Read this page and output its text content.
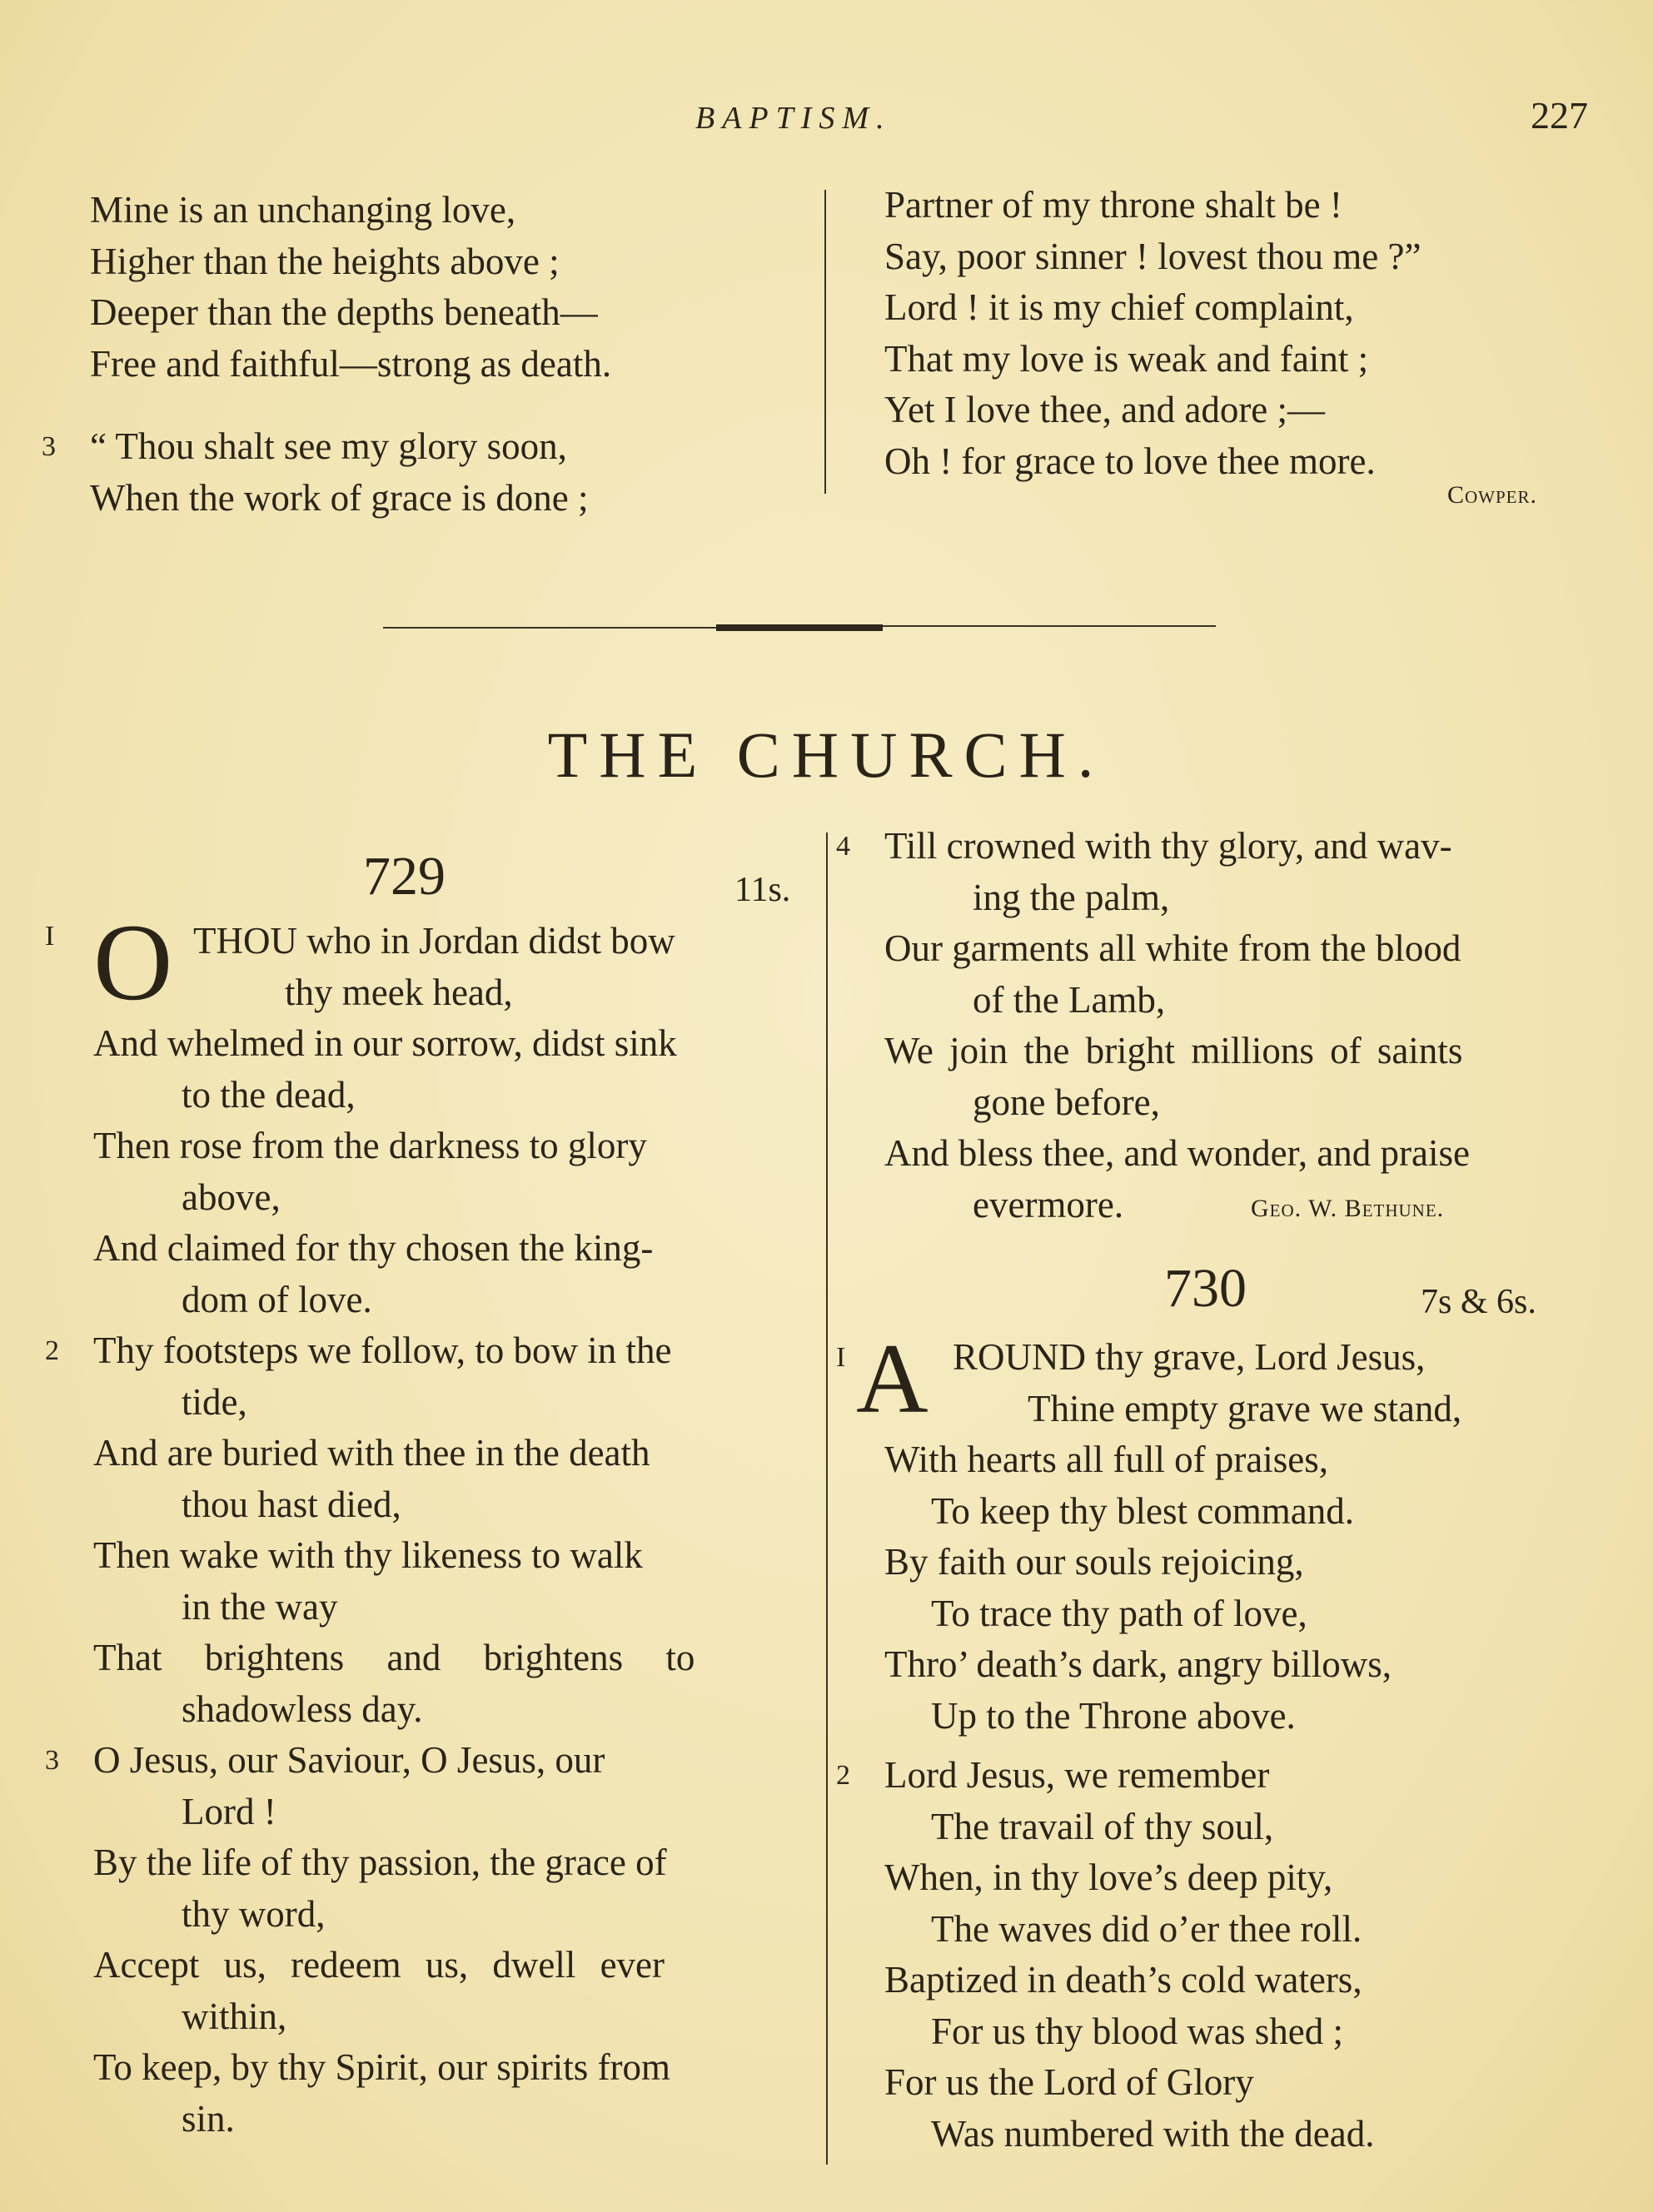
BAPTISM.	227
Mine is an unchanging love,
Higher than the heights above ;
Deeper than the depths beneath—
Free and faithful—strong as death.
3 “ Thou shalt see my glory soon,
When the work of grace is done ;
Partner of my throne shalt be !
Say, poor sinner ! lovest thou me ?”
Lord ! it is my chief complaint,
That my love is weak and faint ;
Yet I love thee, and adore ;—
Oh ! for grace to love thee more.
Cowper.
THE CHURCH.
729	11s.
I O THOU who in Jordan didst bow
thy meek head,
And whelmed in our sorrow, didst sink
to the dead,
Then rose from the darkness to glory
above,
And claimed for thy chosen the king-
dom of love.
2 Thy footsteps we follow, to bow in the
tide,
And are buried with thee in the death
thou hast died,
Then wake with thy likeness to walk
in the way
That brightens and brightens to
shadowless day.
3 O Jesus, our Saviour, O Jesus, our
Lord !
By the life of thy passion, the grace of
thy word,
Accept us, redeem us, dwell ever
within,
To keep, by thy Spirit, our spirits from
sin.
4 Till crowned with thy glory, and wav-
ing the palm,
Our garments all white from the blood
of the Lamb,
We join the bright millions of saints
gone before,
And bless thee, and wonder, and praise
evermore.	Geo. W. Bethune.
730	7s & 6s.
I A ROUND thy grave, Lord Jesus,
Thine empty grave we stand,
With hearts all full of praises,
To keep thy blest command.
By faith our souls rejoicing,
To trace thy path of love,
Thro’ death’s dark, angry billows,
Up to the Throne above.
2 Lord Jesus, we remember
The travail of thy soul,
When, in thy love’s deep pity,
The waves did o’er thee roll.
Baptized in death’s cold waters,
For us thy blood was shed ;
For us the Lord of Glory
Was numbered with the dead.
